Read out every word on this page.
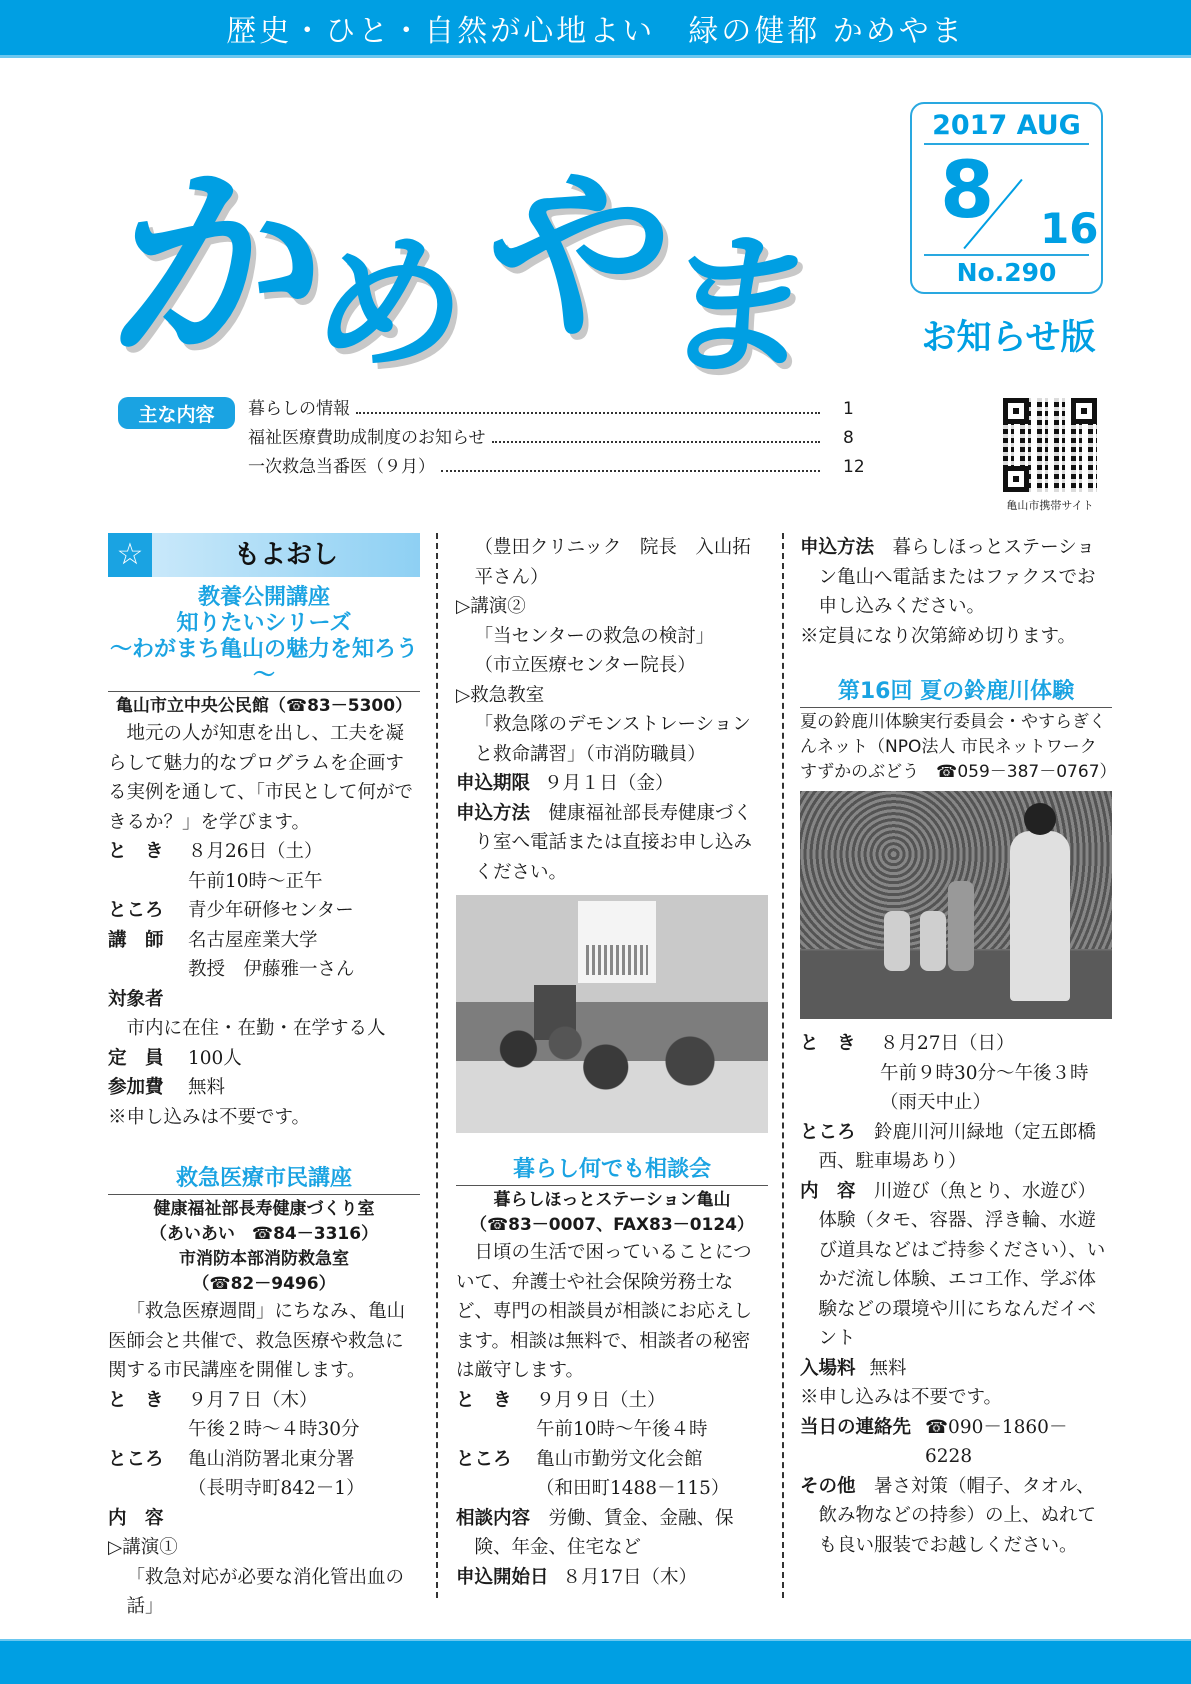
歴史・ひと・自然が心地よい　緑の健都 かめやま
か
め
や
ま
2017 AUG
8 16
No.290
お知らせ版
主な内容	暮らしの情報	1
福祉医療費助成制度のお知らせ	8
一次救急当番医（９月）	12
亀山市携帯サイト
☆	もよおし
教養公開講座
知りたいシリーズ
～わがまち亀山の魅力を知ろう～
亀山市立中央公民館（☎83－5300）
地元の人が知恵を出し、工夫を凝らして魅力的なプログラムを企画する実例を通して、「市民として何ができるか？」を学びます。
と　き	８月26日（土）
午前10時～正午
ところ	青少年研修センター
講　師	名古屋産業大学
教授　伊藤雅一さん
対象者
市内に在住・在勤・在学する人
定　員	100人
参加費	無料
※申し込みは不要です。
救急医療市民講座
健康福祉部長寿健康づくり室
（あいあい　☎84－3316）
市消防本部消防救急室
（☎82－9496）
「救急医療週間」にちなみ、亀山医師会と共催で、救急医療や救急に関する市民講座を開催します。
と　き	９月７日（木）
午後２時～４時30分
ところ	亀山消防署北東分署
（長明寺町842－1）
内　容
▷講演①
「救急対応が必要な消化管出血の話」
（豊田クリニック　院長　入山拓平さん）
▷講演②
「当センターの救急の検討」
（市立医療センター院長）
▷救急教室
「救急隊のデモンストレーションと救命講習」（市消防職員）
申込期限 ９月１日（金）
申込方法　 健康福祉部長寿健康づくり室へ電話または直接お申し込みください。
暮らし何でも相談会
暮らしほっとステーション亀山
（☎83－0007、FAX83－0124）
日頃の生活で困っていることについて、弁護士や社会保険労務士など、専門の相談員が相談にお応えします。相談は無料で、相談者の秘密は厳守します。
と　き	９月９日（土）
午前10時～午後４時
ところ	亀山市勤労文化会館
（和田町1488－115）
相談内容　 労働、賃金、金融、保険、年金、住宅など
申込開始日 ８月17日（木）
申込方法　 暮らしほっとステーション亀山へ電話またはファクスでお申し込みください。
※定員になり次第締め切ります。
第16回 夏の鈴鹿川体験
夏の鈴鹿川体験実行委員会・やすらぎくんネット（NPO法人 市民ネットワークすずかのぶどう　☎059－387－0767）
と　き	８月27日（日）
午前９時30分～午後３時
（雨天中止）
ところ　 鈴鹿川河川緑地（定五郎橋西、駐車場あり）
内　容　 川遊び（魚とり、水遊び）体験（タモ、容器、浮き輪、水遊び道具などはご持参ください）、いかだ流し体験、エコ工作、学ぶ体験などの環境や川にちなんだイベント
入場料 無料
※申し込みは不要です。
当日の連絡先 ☎090－1860－6228
その他　 暑さ対策（帽子、タオル、飲み物などの持参）の上、ぬれても良い服装でお越しください。
